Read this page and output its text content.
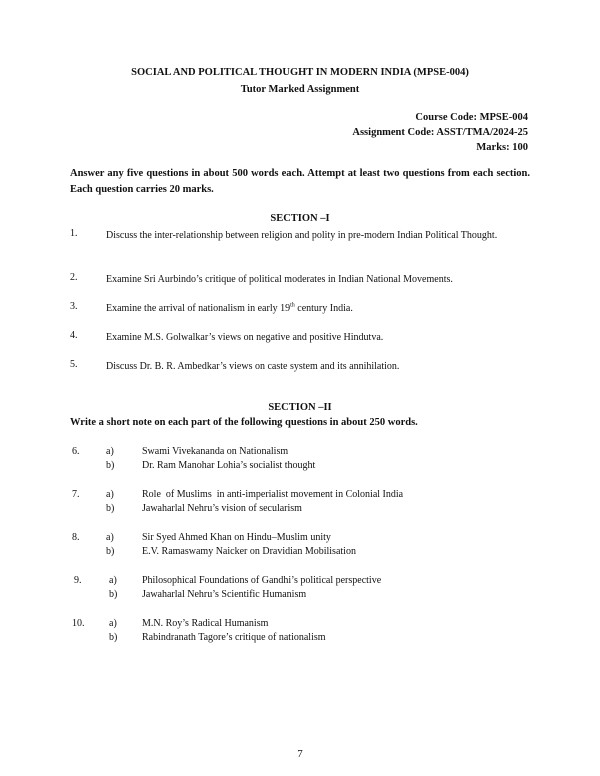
SOCIAL AND POLITICAL THOUGHT IN MODERN INDIA (MPSE-004)
Tutor Marked Assignment
Course Code: MPSE-004
Assignment Code: ASST/TMA/2024-25
Marks: 100
Answer any five questions in about 500 words each. Attempt at least two questions from each section. Each question carries 20 marks.
SECTION –I
1.	Discuss the inter-relationship between religion and polity in pre-modern Indian Political Thought.
2.	Examine Sri Aurbindo’s critique of political moderates in Indian National Movements.
3.	Examine the arrival of nationalism in early 19th century India.
4.	Examine M.S. Golwalkar’s views on negative and positive Hindutva.
5.	Discuss Dr. B. R. Ambedkar’s views on caste system and its annihilation.
SECTION –II
Write a short note on each part of the following questions in about 250 words.
6.	a)	Swami Vivekananda on Nationalism
b)	Dr. Ram Manohar Lohia’s socialist thought
7.	a)	Role  of Muslims  in anti-imperialist movement in Colonial India
b)	Jawaharlal Nehru’s vision of secularism
8.	a)	Sir Syed Ahmed Khan on Hindu–Muslim unity
b)	E.V. Ramaswamy Naicker on Dravidian Mobilisation
9.	a)	Philosophical Foundations of Gandhi’s political perspective
b) Jawaharlal Nehru’s Scientific Humanism
10. a)	M.N. Roy’s Radical Humanism
b) Rabindranath Tagore’s critique of nationalism
7
